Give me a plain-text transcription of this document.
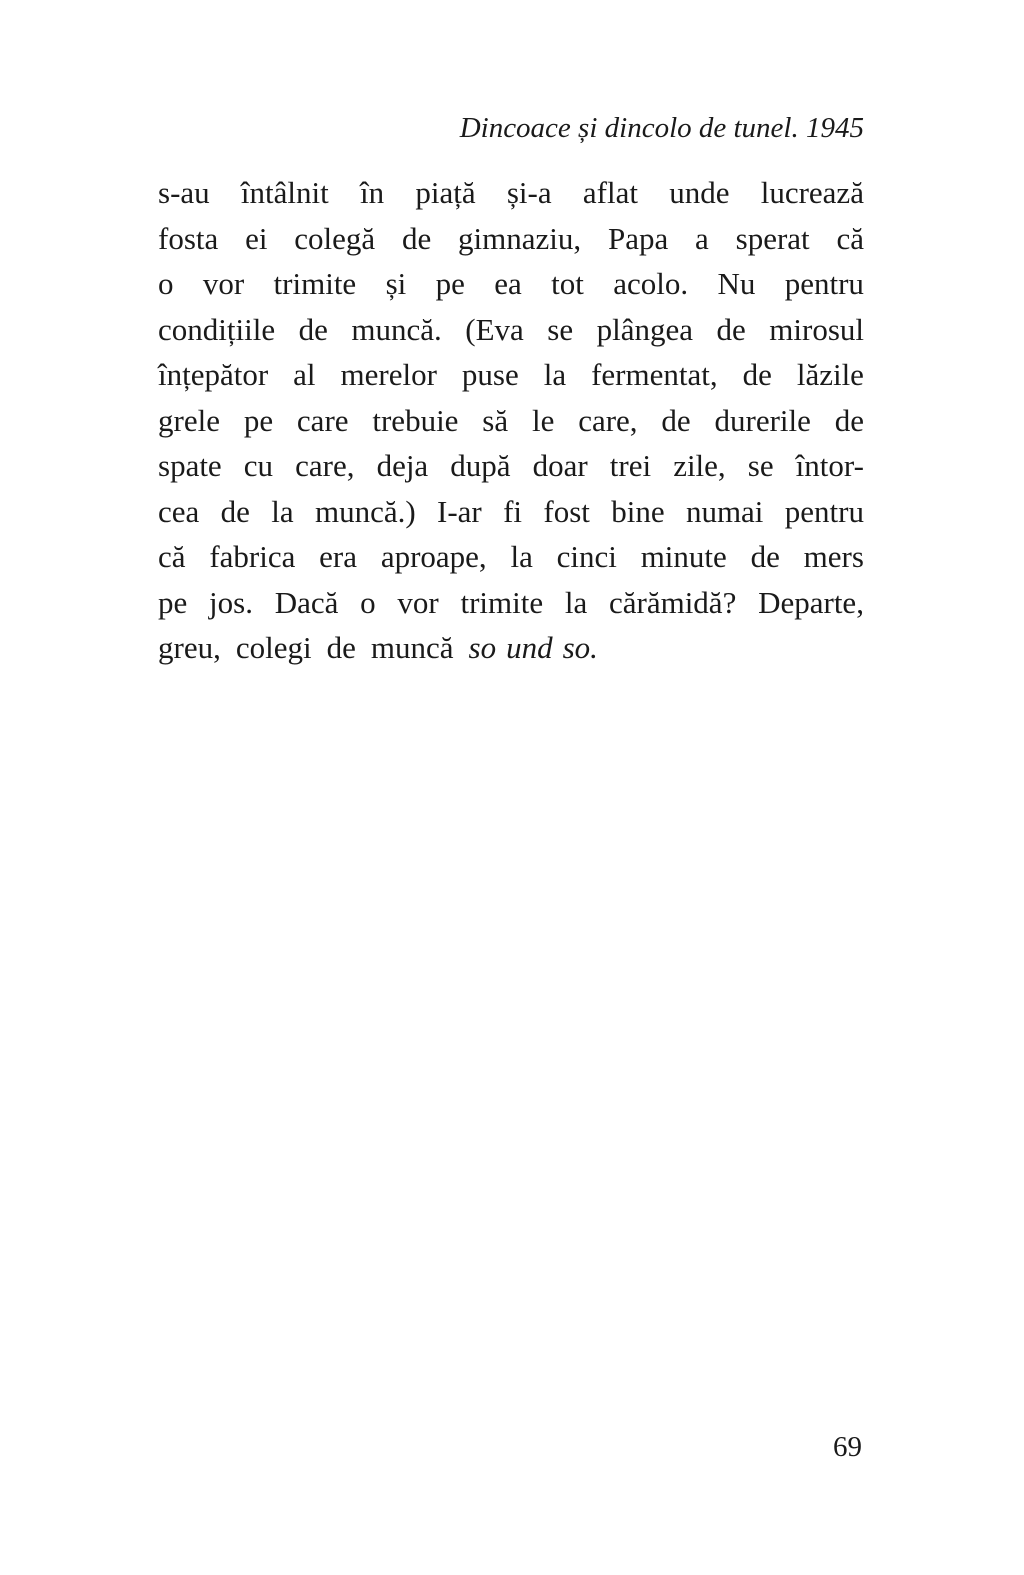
Dincoace și dincolo de tunel. 1945
s-au întâlnit în piață și-a aflat unde lucrează
fosta ei colegă de gimnaziu, Papa a sperat că
o vor trimite și pe ea tot acolo. Nu pentru
condițiile de muncă. (Eva se plângea de mirosul
înțepător al merelor puse la fermentat, de lăzile
grele pe care trebuie să le care, de durerile de
spate cu care, deja după doar trei zile, se întor-
cea de la muncă.) I-ar fi fost bine numai pentru
că fabrica era aproape, la cinci minute de mers
pe jos. Dacă o vor trimite la cărămidă? Departe,
greu, colegi de muncă so und so.
69
